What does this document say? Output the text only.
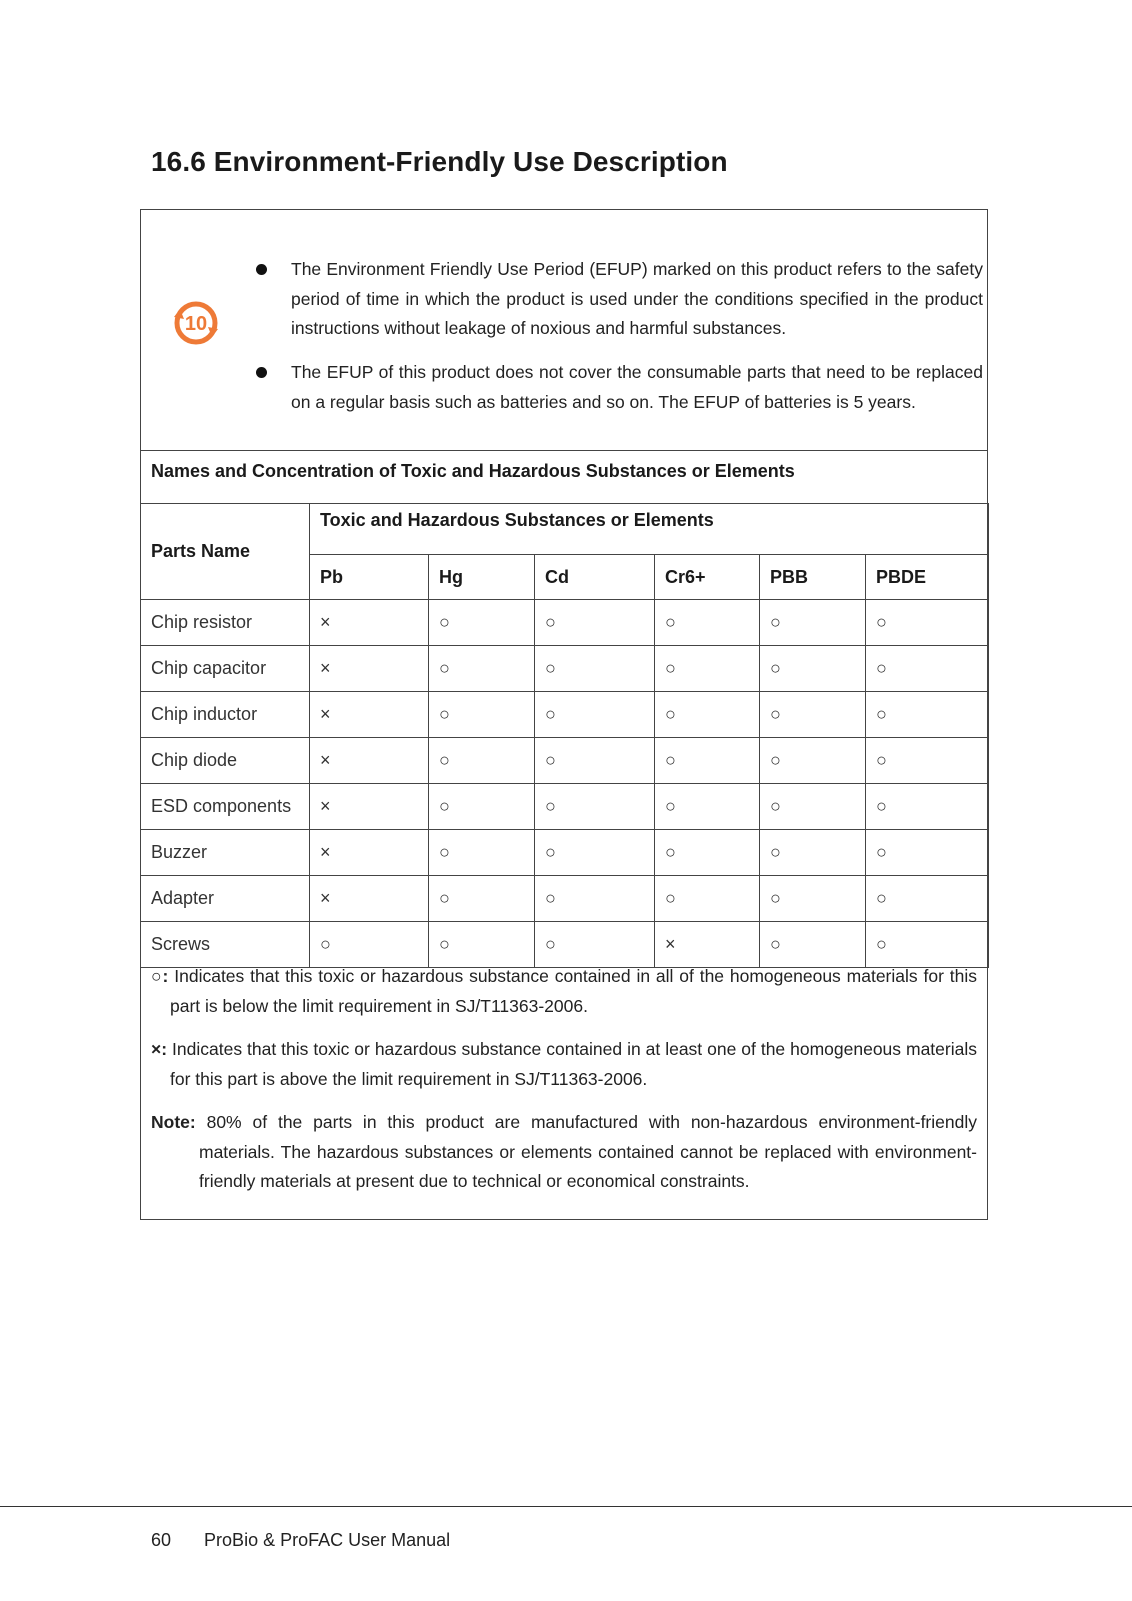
16.6 Environment-Friendly Use Description
10
The Environment Friendly Use Period (EFUP) marked on this product refers to the safety period of time in which the product is used under the conditions specified in the product instructions without leakage of noxious and harmful substances.
The EFUP of this product does not cover the consumable parts that need to be replaced on a regular basis such as batteries and so on. The EFUP of batteries is 5 years.
Names and Concentration of Toxic and Hazardous Substances or Elements
Parts Name	Toxic and Hazardous Substances or Elements					
	Pb	Hg	Cd	Cr6+	PBB	PBDE
Chip resistor	×	○	○	○	○	○
Chip capacitor	×	○	○	○	○	○
Chip inductor	×	○	○	○	○	○
Chip diode	×	○	○	○	○	○
ESD components	×	○	○	○	○	○
Buzzer	×	○	○	○	○	○
Adapter	×	○	○	○	○	○
Screws	○	○	○	×	○	○

○: Indicates that this toxic or hazardous substance contained in all of the homogeneous materials for this part is below the limit requirement in SJ/T11363-2006.

×: Indicates that this toxic or hazardous substance contained in at least one of the homogeneous materials for this part is above the limit requirement in SJ/T11363-2006.

Note: 80% of the parts in this product are manufactured with non-hazardous environment-friendly materials. The hazardous substances or elements contained cannot be replaced with environment-friendly materials at present due to technical or economical constraints.

60 ProBio & ProFAC User Manual
